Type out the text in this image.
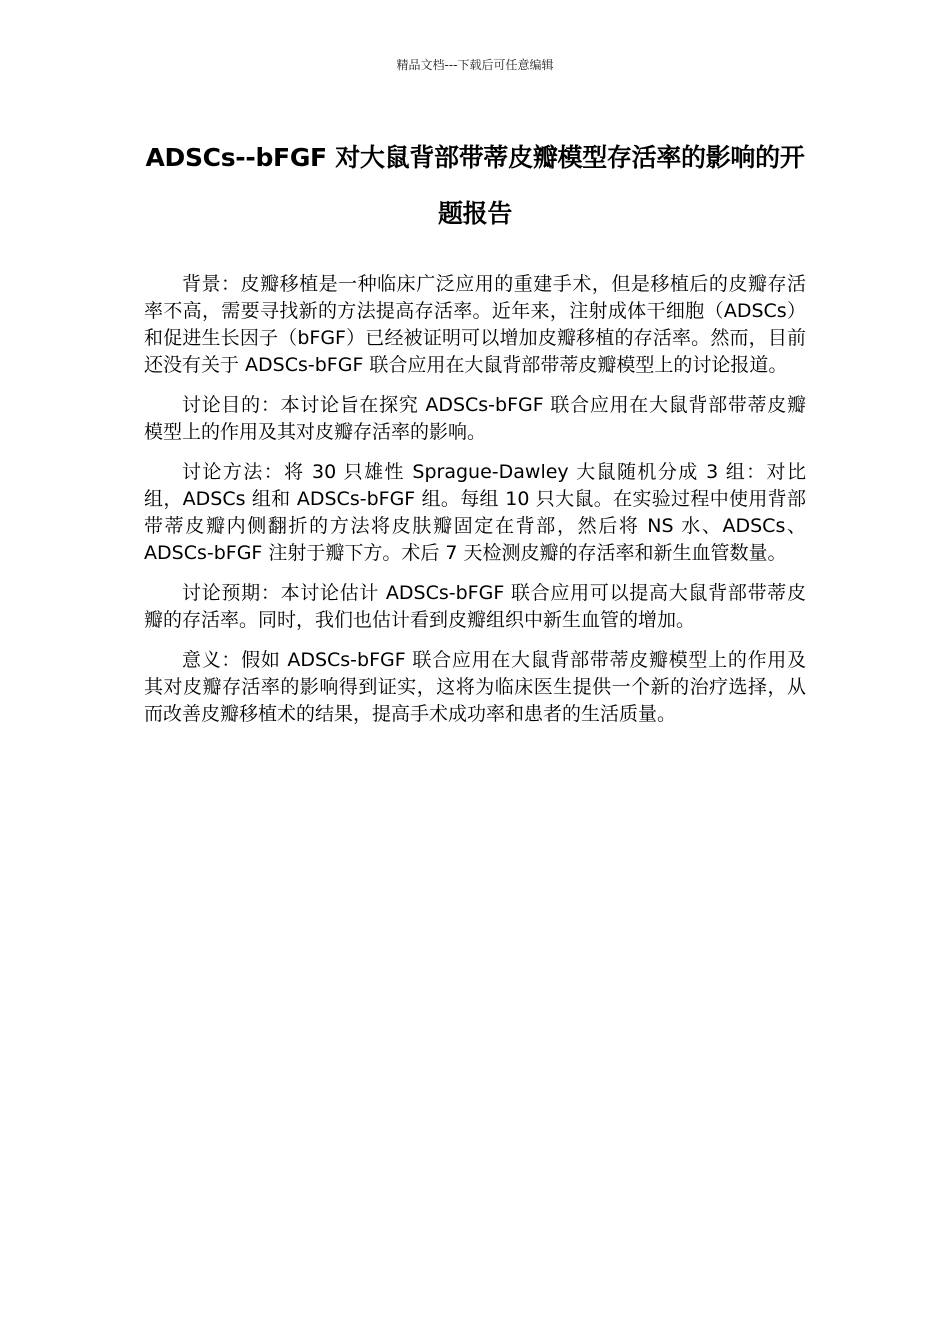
精品文档---下载后可任意编辑
ADSCs--bFGF 对大鼠背部带蒂皮瓣模型存活率的影响的开题报告

背景：皮瓣移植是一种临床广泛应用的重建手术，但是移植后的皮瓣存活率不高，需要寻找新的方法提高存活率。近年来，注射成体干细胞（ADSCs）和促进生长因子（bFGF）已经被证明可以增加皮瓣移植的存活率。然而，目前还没有关于 ADSCs-bFGF 联合应用在大鼠背部带蒂皮瓣模型上的讨论报道。

讨论目的：本讨论旨在探究 ADSCs-bFGF 联合应用在大鼠背部带蒂皮瓣模型上的作用及其对皮瓣存活率的影响。

讨论方法：将 30 只雄性 Sprague-Dawley 大鼠随机分成 3 组：对比组，ADSCs 组和 ADSCs-bFGF 组。每组 10 只大鼠。在实验过程中使用背部带蒂皮瓣内侧翻折的方法将皮肤瓣固定在背部，然后将 NS 水、ADSCs、ADSCs-bFGF 注射于瓣下方。术后 7 天检测皮瓣的存活率和新生血管数量。

讨论预期：本讨论估计 ADSCs-bFGF 联合应用可以提高大鼠背部带蒂皮瓣的存活率。同时，我们也估计看到皮瓣组织中新生血管的增加。

意义：假如 ADSCs-bFGF 联合应用在大鼠背部带蒂皮瓣模型上的作用及其对皮瓣存活率的影响得到证实，这将为临床医生提供一个新的治疗选择，从而改善皮瓣移植术的结果，提高手术成功率和患者的生活质量。
